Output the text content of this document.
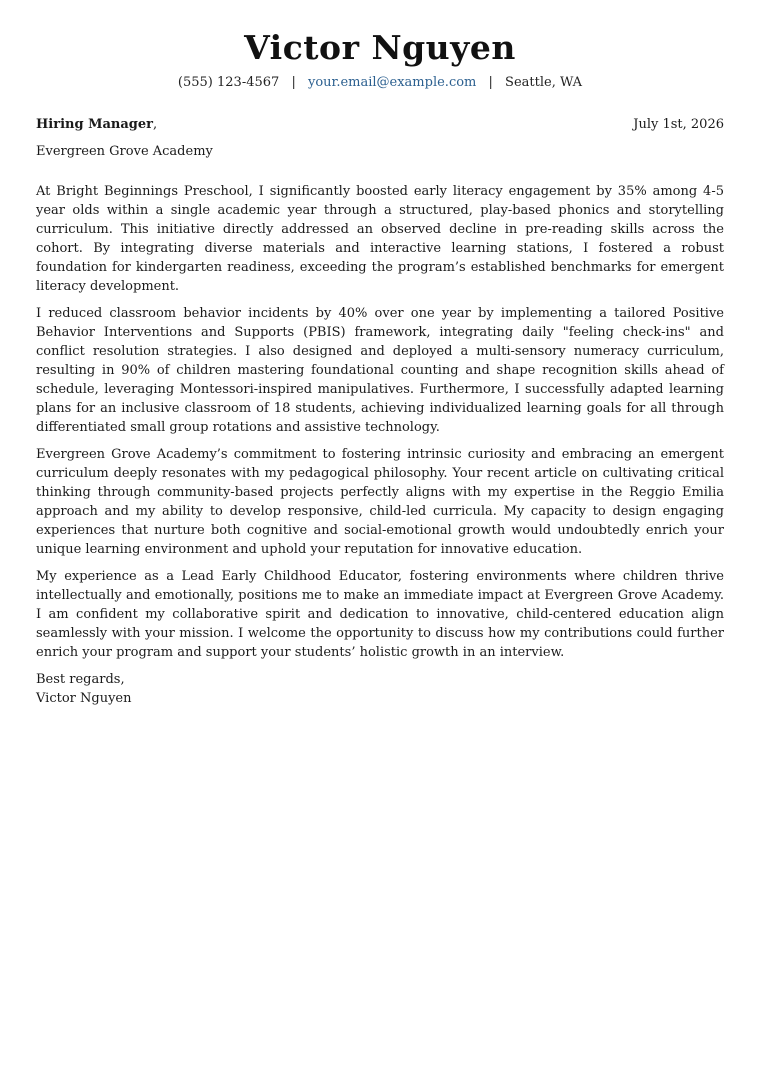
Victor Nguyen
(555) 123-4567 | your.email@example.com | Seattle, WA
Hiring Manager,	July 1st, 2026
Evergreen Grove Academy

At Bright Beginnings Preschool, I significantly boosted early literacy engagement by 35% among 4-5 year olds within a single academic year through a structured, play-based phonics and storytelling curriculum. This initiative directly addressed an observed decline in pre-reading skills across the cohort. By integrating diverse materials and interactive learning stations, I fostered a robust foundation for kindergarten readiness, exceeding the program’s established benchmarks for emergent literacy development.

I reduced classroom behavior incidents by 40% over one year by implementing a tailored Positive Behavior Interventions and Supports (PBIS) framework, integrating daily "feeling check-ins" and conflict resolution strategies. I also designed and deployed a multi-sensory numeracy curriculum, resulting in 90% of children mastering foundational counting and shape recognition skills ahead of schedule, leveraging Montessori-inspired manipulatives. Furthermore, I successfully adapted learning plans for an inclusive classroom of 18 students, achieving individualized learning goals for all through differentiated small group rotations and assistive technology.

Evergreen Grove Academy’s commitment to fostering intrinsic curiosity and embracing an emergent curriculum deeply resonates with my pedagogical philosophy. Your recent article on cultivating critical thinking through community-based projects perfectly aligns with my expertise in the Reggio Emilia approach and my ability to develop responsive, child-led curricula. My capacity to design engaging experiences that nurture both cognitive and social-emotional growth would undoubtedly enrich your unique learning environment and uphold your reputation for innovative education.

My experience as a Lead Early Childhood Educator, fostering environments where children thrive intellectually and emotionally, positions me to make an immediate impact at Evergreen Grove Academy. I am confident my collaborative spirit and dedication to innovative, child-centered education align seamlessly with your mission. I welcome the opportunity to discuss how my contributions could further enrich your program and support your students’ holistic growth in an interview.

Best regards,
Victor Nguyen
